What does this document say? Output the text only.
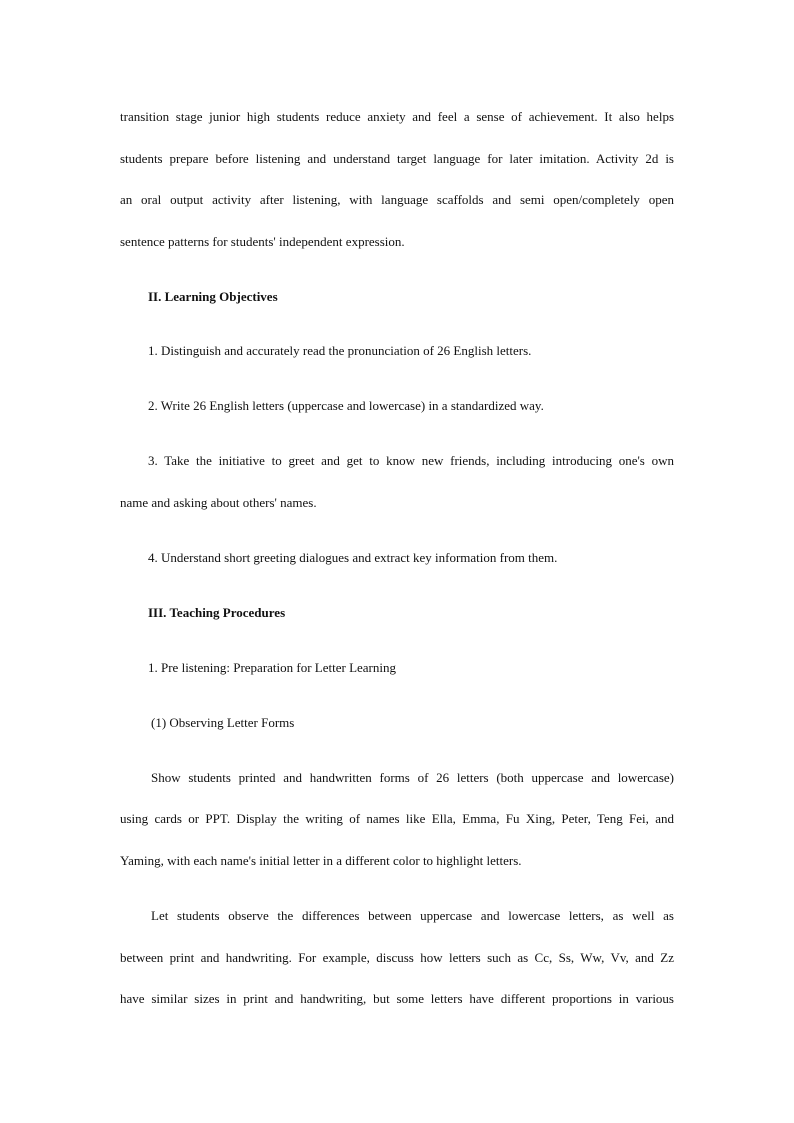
transition stage junior high students reduce anxiety and feel a sense of achievement. It also helps
students prepare before listening and understand target language for later imitation. Activity 2d is
an oral output activity after listening, with language scaffolds and semi open/completely open
sentence patterns for students' independent expression.
II. Learning Objectives
1. Distinguish and accurately read the pronunciation of 26 English letters.
2. Write 26 English letters (uppercase and lowercase) in a standardized way.
3. Take the initiative to greet and get to know new friends, including introducing one's own
name and asking about others' names.
4. Understand short greeting dialogues and extract key information from them.
III. Teaching Procedures
1. Pre listening: Preparation for Letter Learning
(1) Observing Letter Forms
Show students printed and handwritten forms of 26 letters (both uppercase and lowercase)
using cards or PPT. Display the writing of names like Ella, Emma, Fu Xing, Peter, Teng Fei, and
Yaming, with each name's initial letter in a different color to highlight letters.
Let students observe the differences between uppercase and lowercase letters, as well as
between print and handwriting. For example, discuss how letters such as Cc, Ss, Ww, Vv, and Zz
have similar sizes in print and handwriting, but some letters have different proportions in various
